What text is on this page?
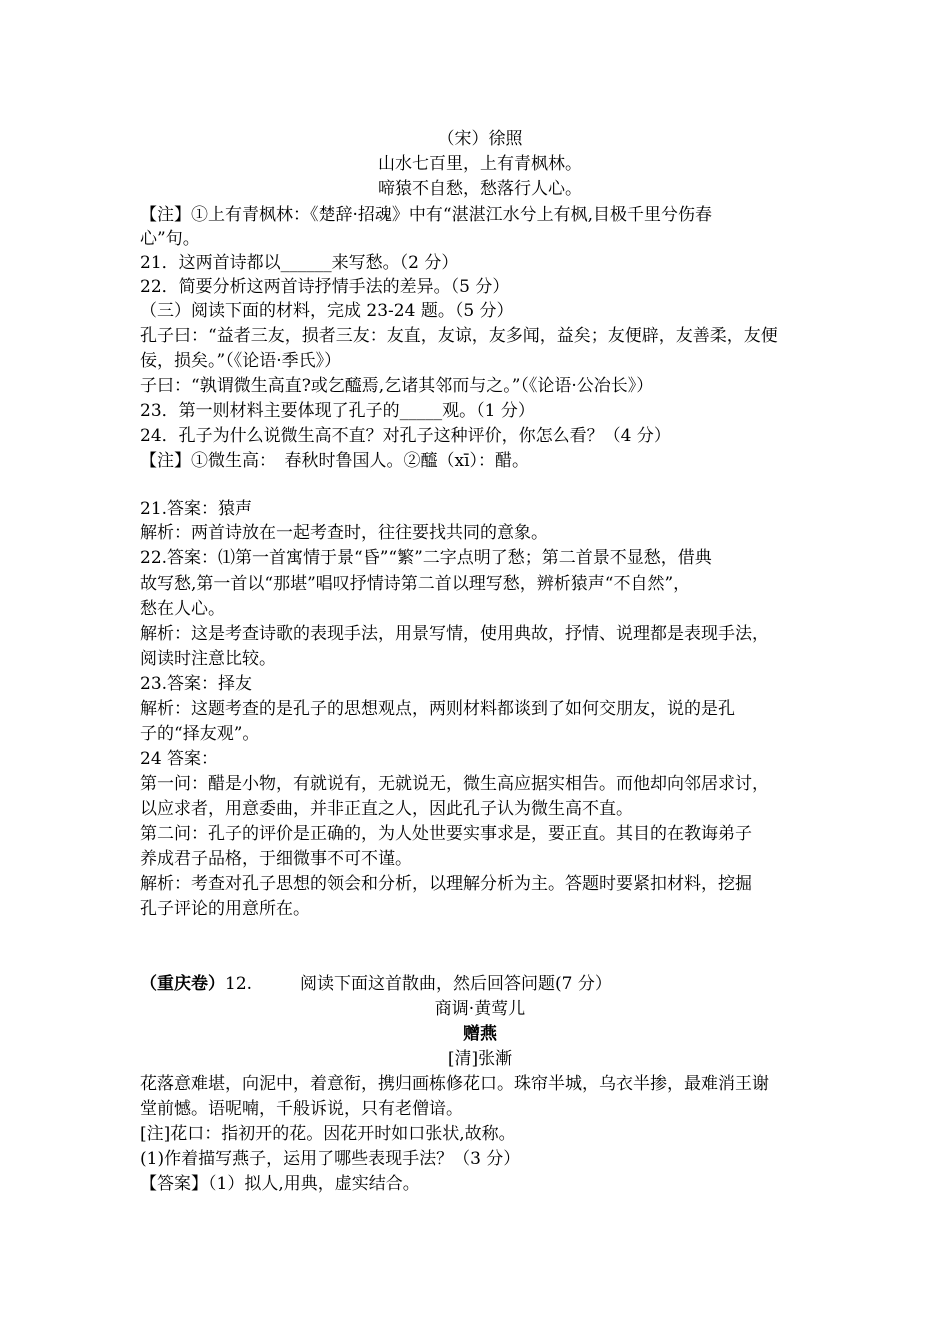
（宋）徐照
山水七百里，上有青枫林。
啼猿不自愁，愁落行人心。
【注】①上有青枫林：《楚辞·招魂》中有“湛湛江水兮上有枫,目极千里兮伤春
心”句。
21．这两首诗都以______来写愁。（2 分）
22．简要分析这两首诗抒情手法的差异。（5 分）
（三）阅读下面的材料，完成 23-24 题。（5 分）
孔子曰：“益者三友，损者三友：友直，友谅，友多闻，益矣；友便辟，友善柔，友便
佞，损矣。”（《论语·季氏》）
子曰：“孰谓微生高直?或乞醯焉,乞诸其邻而与之。”（《论语·公冶长》）
23．第一则材料主要体现了孔子的_____观。（1 分）
24．孔子为什么说微生高不直？对孔子这种评价，你怎么看？（4 分）
【注】①微生高：　春秋时鲁国人。②醯（xī）：醋。
21.答案：猿声
解析：两首诗放在一起考查时，往往要找共同的意象。
22.答案：⑴第一首寓情于景“昏”“繁”二字点明了愁；第二首景不显愁，借典
故写愁,第一首以“那堪”唱叹抒情诗第二首以理写愁，辨析猿声“不自然”，
愁在人心。
解析：这是考查诗歌的表现手法，用景写情，使用典故，抒情、说理都是表现手法，
阅读时注意比较。
23.答案：择友
解析：这题考查的是孔子的思想观点，两则材料都谈到了如何交朋友，说的是孔
子的“择友观”。
24 答案：
第一问：醋是小物，有就说有，无就说无，微生高应据实相告。而他却向邻居求讨，
以应求者，用意委曲，并非正直之人，因此孔子认为微生高不直。
第二问：孔子的评价是正确的，为人处世要实事求是，要正直。其目的在教诲弟子
养成君子品格，于细微事不可不谨。
解析：考查对孔子思想的领会和分析，以理解分析为主。答题时要紧扣材料，挖掘
孔子评论的用意所在。
（重庆卷）12.	阅读下面这首散曲，然后回答问题(7 分）
商调·黄莺儿
赠燕
[清]张漸
花落意难堪，向泥中，着意衔，携归画栋修花口。珠帘半城，乌衣半掺，最难消王谢
堂前憾。语呢喃，千般诉说，只有老僧谙。
[注]花口：指初开的花。因花开时如口张状,故称。
(1)作着描写燕子，运用了哪些表现手法？（3 分）
【答案】（1）拟人,用典，虚实结合。
